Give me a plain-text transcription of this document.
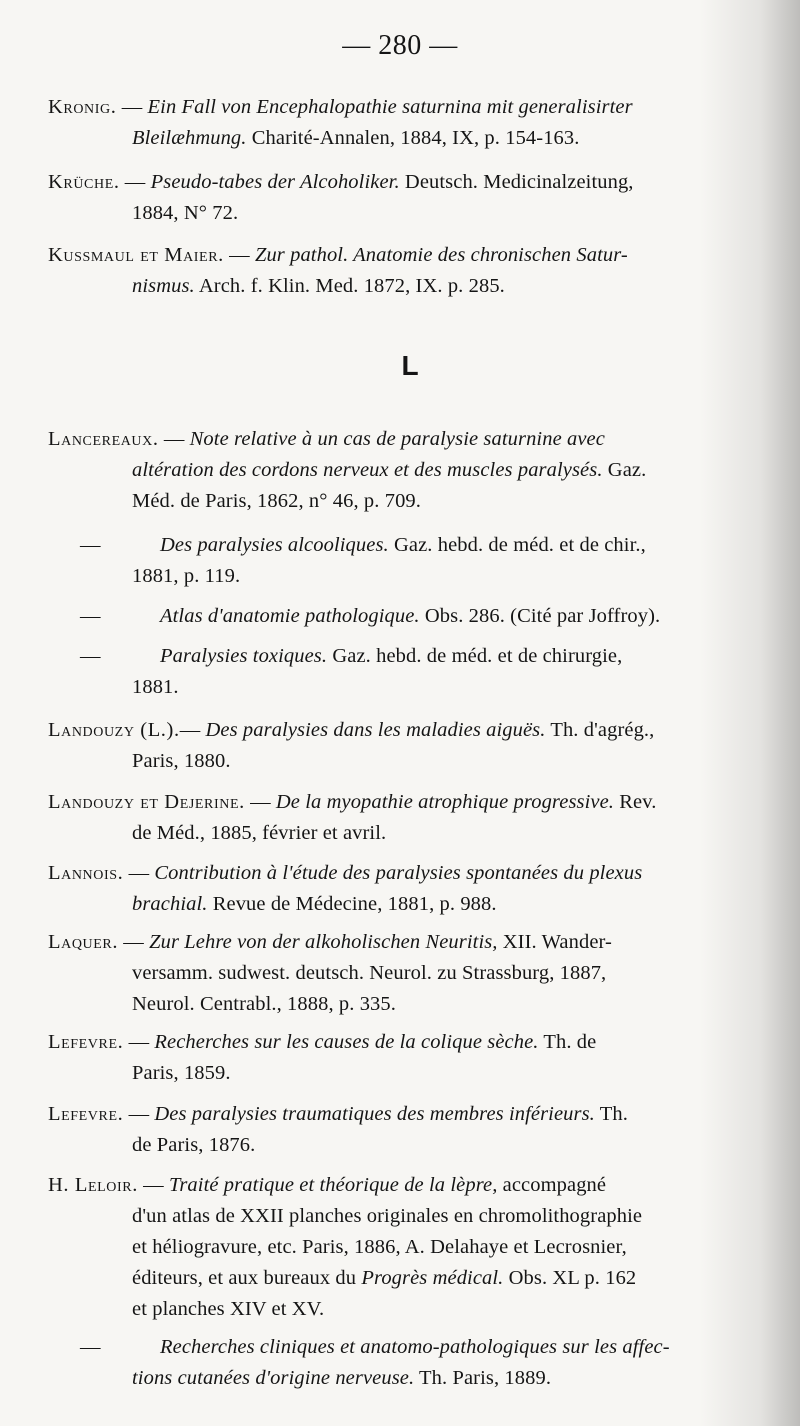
— 280 —
Kronig. — Ein Fall von Encephalopathie saturnina mit generalisirter
Bleilæhmung. Charité-Annalen, 1884, IX, p. 154-163.
Krüche. — Pseudo-tabes der Alcoholiker. Deutsch. Medicinalzeitung,
1884, N° 72.
Kussmaul et Maier. — Zur pathol. Anatomie des chronischen Satur-
nismus. Arch. f. Klin. Med. 1872, IX. p. 285.
L
Lancereaux. — Note relative à un cas de paralysie saturnine avec
altération des cordons nerveux et des muscles paralysés. Gaz.
Méd. de Paris, 1862, n° 46, p. 709.
—	Des paralysies alcooliques. Gaz. hebd. de méd. et de chir.,
1881, p. 119.
—	Atlas d'anatomie pathologique. Obs. 286. (Cité par Joffroy).
—	Paralysies toxiques. Gaz. hebd. de méd. et de chirurgie,
1881.
Landouzy (L.).— Des paralysies dans les maladies aiguës. Th. d'agrég.,
Paris, 1880.
Landouzy et Dejerine. — De la myopathie atrophique progressive. Rev.
de Méd., 1885, février et avril.
Lannois. — Contribution à l'étude des paralysies spontanées du plexus
brachial. Revue de Médecine, 1881, p. 988.
Laquer. — Zur Lehre von der alkoholischen Neuritis, XII. Wander-
versamm. sudwest. deutsch. Neurol. zu Strassburg, 1887,
Neurol. Centrabl., 1888, p. 335.
Lefevre. — Recherches sur les causes de la colique sèche. Th. de
Paris, 1859.
Lefevre. — Des paralysies traumatiques des membres inférieurs. Th.
de Paris, 1876.
H. Leloir. — Traité pratique et théorique de la lèpre, accompagné
d'un atlas de XXII planches originales en chromolithographie
et héliogravure, etc. Paris, 1886, A. Delahaye et Lecrosnier,
éditeurs, et aux bureaux du Progrès médical. Obs. XL p. 162
et planches XIV et XV.
—	Recherches cliniques et anatomo-pathologiques sur les affec-
tions cutanées d'origine nerveuse. Th. Paris, 1889.
